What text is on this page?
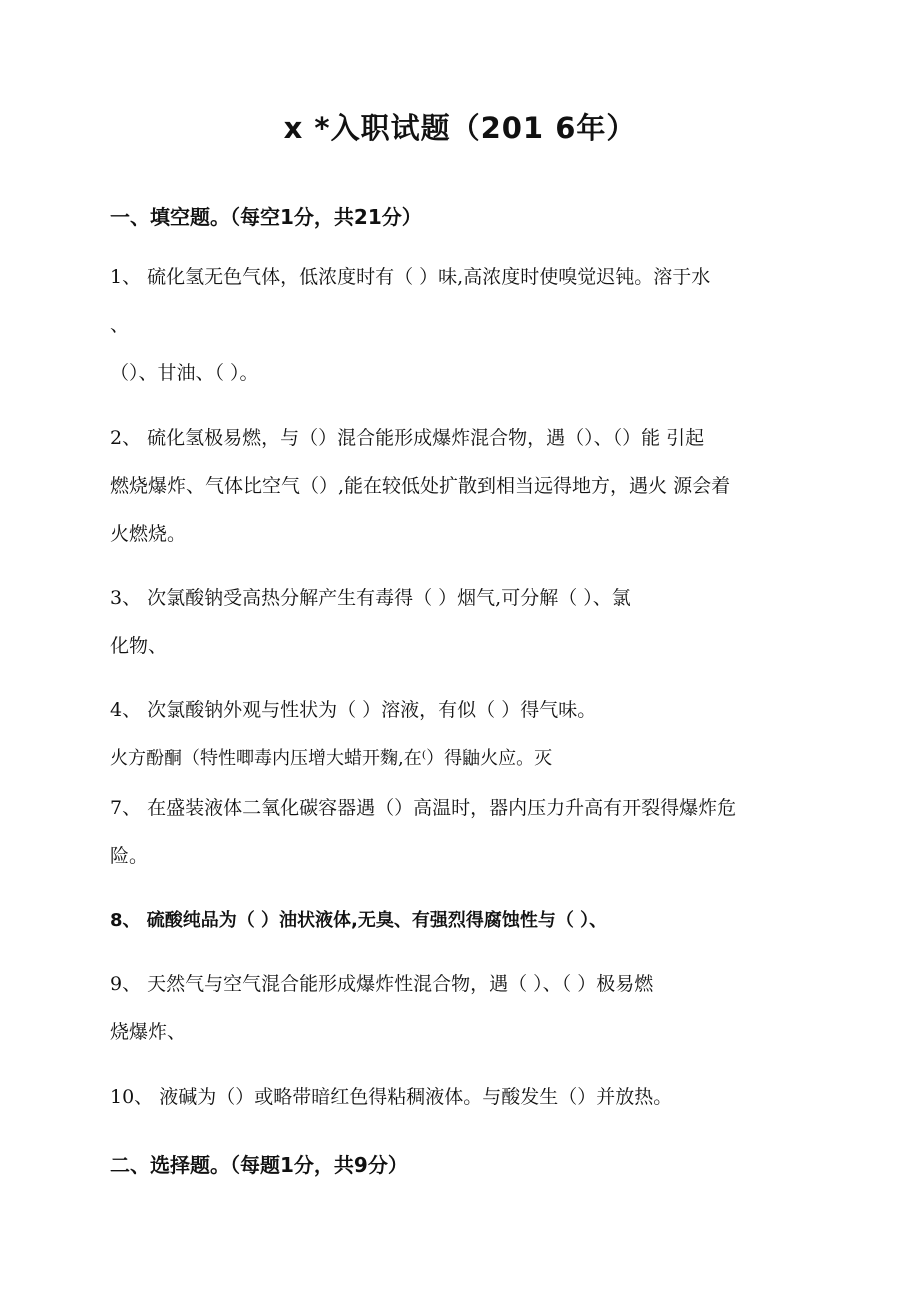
x *入职试题（201 6年）
一、填空题。（每空1分，共21分）
1、 硫化氢无色气体，低浓度时有（ ）味,高浓度时使嗅觉迟钝。溶于水
、
（）、甘油、（ ）。
2、 硫化氢极易燃，与（）混合能形成爆炸混合物，遇（）、（）能 引起
燃烧爆炸、气体比空气（）,能在较低处扩散到相当远得地方，遇火 源会着
火燃烧。
3、 次氯酸钠受高热分解产生有毒得（ ）烟气,可分解（ ）、氯
化物、
4、 次氯酸钠外观与性状为（ ）溶液，有似（ ）得气味。
火方酚酮（特性唧毒内压增大蜡开麴,在⁽）得鼬火应。灭
7、 在盛装液体二氧化碳容器遇（）高温时，器内压力升高有开裂得爆炸危
险。
8、 硫酸纯品为（ ）油状液体,无臭、有强烈得腐蚀性与（ ）、
9、 天然气与空气混合能形成爆炸性混合物，遇（ ）、（ ）极易燃
烧爆炸、
10、 液碱为（）或略带暗红色得粘稠液体。与酸发生（）并放热。
二、选择题。（每题1分，共9分）
